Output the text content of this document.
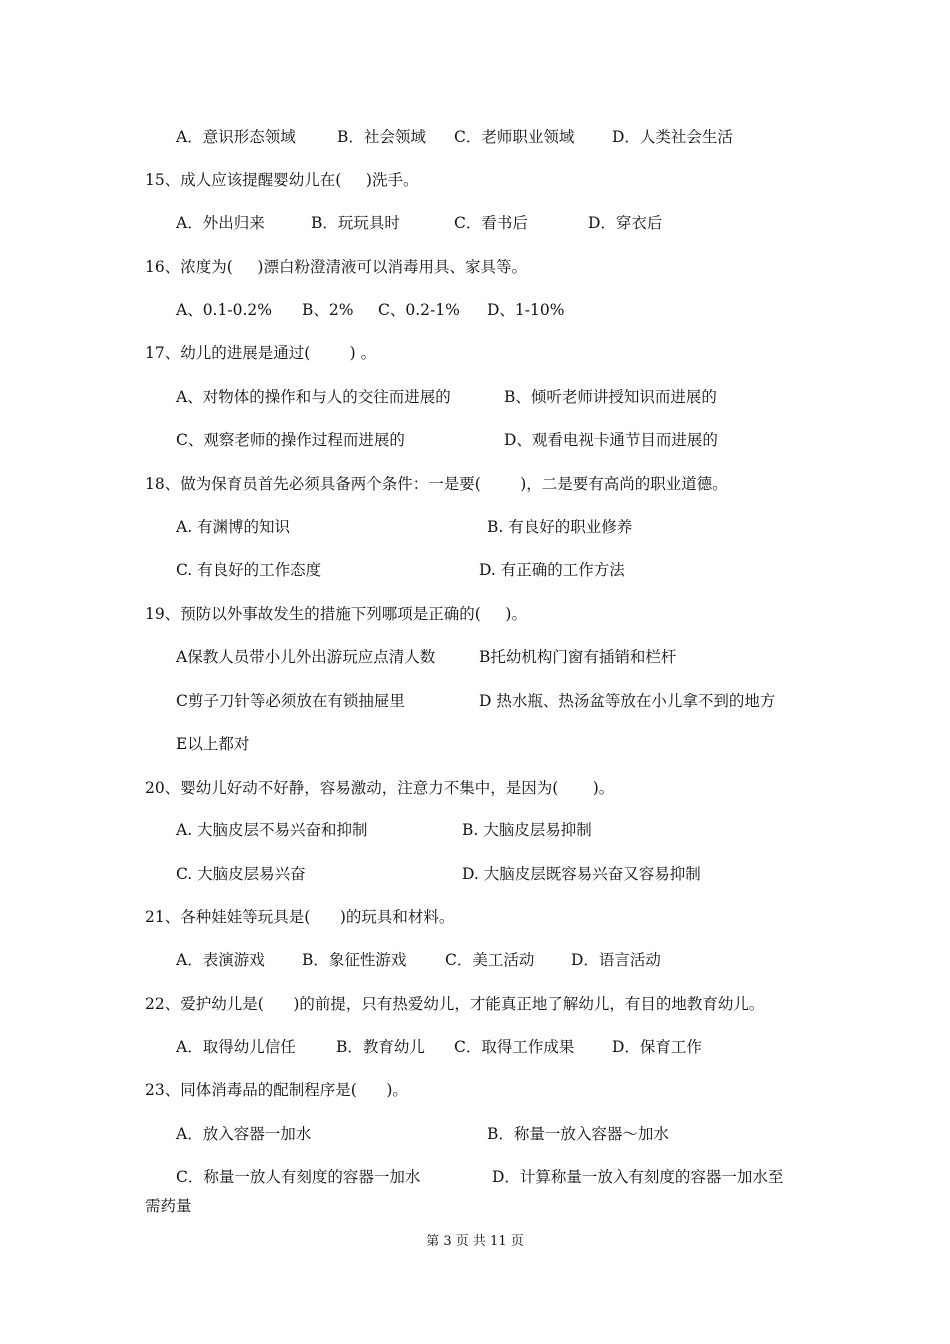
A．意识形态领域	B．社会领域 C．老师职业领域 D．人类社会生活
15、成人应该提醒婴幼儿在(     )洗手。
A．外出归来	B．玩玩具时	C．看书后	D．穿衣后
16、浓度为(     )漂白粉澄清液可以消毒用具、家具等。
A、0.1-0.2% B、2% C、0.2-1% D、1-10%
17、幼儿的进展是通过(        ) 。
A、对物体的操作和与人的交往而进展的	B、倾听老师讲授知识而进展的
C、观察老师的操作过程而进展的	D、观看电视卡通节目而进展的
18、做为保育员首先必须具备两个条件：一是要(        )，二是要有高尚的职业道德。
A. 有渊博的知识	B. 有良好的职业修养
C. 有良好的工作态度	D. 有正确的工作方法
19、预防以外事故发生的措施下列哪项是正确的(     )。
A保教人员带小儿外出游玩应点清人数	B托幼机构门窗有插销和栏杆
C剪子刀针等必须放在有锁抽屉里	D 热水瓶、热汤盆等放在小儿拿不到的地方
E以上都对
20、婴幼儿好动不好静，容易激动，注意力不集中，是因为(       )。
A. 大脑皮层不易兴奋和抑制	B. 大脑皮层易抑制
C. 大脑皮层易兴奋	D. 大脑皮层既容易兴奋又容易抑制
21、各种娃娃等玩具是(      )的玩具和材料。
A．表演游戏 B．象征性游戏 C．美工活动 D．语言活动
22、爱护幼儿是(      )的前提，只有热爱幼儿，才能真正地了解幼儿，有目的地教育幼儿。
A．取得幼儿信任	B．教育幼儿 C．取得工作成果 D．保育工作
23、同体消毒品的配制程序是(      )。
A．放入容器一加水	B．称量一放入容器～加水
C．称量一放人有刻度的容器一加水	D．计算称量一放入有刻度的容器一加水至
需药量
第 3 页 共 11 页
